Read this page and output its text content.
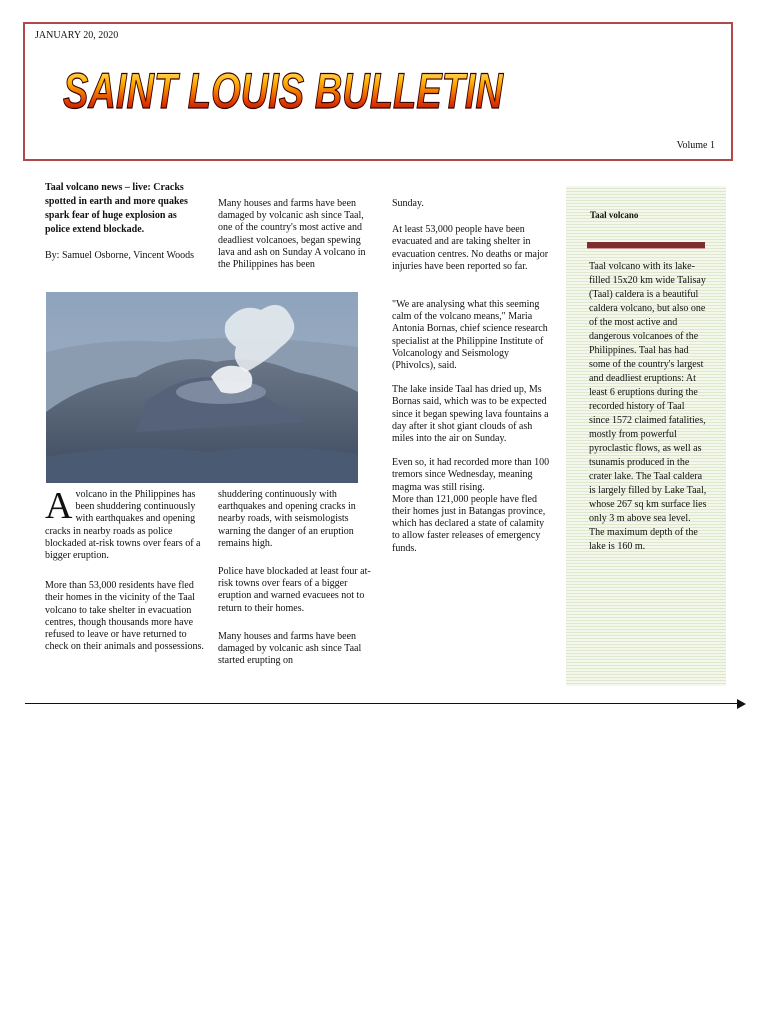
JANUARY 20, 2020
SAINT LOUIS BULLETIN
Volume 1

Taal volcano news – live: Cracks spotted in earth and more quakes spark fear of huge explosion as police extend blockade.

By: Samuel Osborne, Vincent Woods

Avolcano in the Philippines has been shuddering continuously with earthquakes and opening cracks in nearby roads as police blockaded at-risk towns over fears of a bigger eruption.

More than 53,000 residents have fled their homes in the vicinity of the Taal volcano to take shelter in evacuation centres, though thousands more have refused to leave or have returned to check on their animals and possessions.

Many houses and farms have been damaged by volcanic ash since Taal, one of the country's most active and deadliest volcanoes, began spewing lava and ash on Sunday A volcano in the Philippines has been

shuddering continuously with earthquakes and opening cracks in nearby roads, with seismologists warning the danger of an eruption remains high.

Police have blockaded at least four at-risk towns over fears of a bigger eruption and warned evacuees not to return to their homes.

Many houses and farms have been damaged by volcanic ash since Taal started erupting on

Sunday.

At least 53,000 people have been evacuated and are taking shelter in evacuation centres. No deaths or major injuries have been reported so far.

"We are analysing what this seeming calm of the volcano means," Maria Antonia Bornas, chief science research specialist at the Philippine Institute of Volcanology and Seismology (Phivolcs), said.

The lake inside Taal has dried up, Ms Bornas said, which was to be expected since it began spewing lava fountains a day after it shot giant clouds of ash miles into the air on Sunday.

Even so, it had recorded more than 100 tremors since Wednesday, meaning magma was still rising.

More than 121,000 people have fled their homes just in Batangas province, which has declared a state of calamity to allow faster releases of emergency funds.

Taal volcano
Taal volcano with its lake-filled 15x20 km wide Talisay (Taal) caldera is a beautiful caldera volcano, but also one of the most active and dangerous volcanoes of the Philippines. Taal has had some of the country's largest and deadliest eruptions: At least 6 eruptions during the recorded history of Taal since 1572 claimed fatalities, mostly from powerful pyroclastic flows, as well as tsunamis produced in the crater lake. The Taal caldera is largely filled by Lake Taal, whose 267 sq km surface lies only 3 m above sea level. The maximum depth of the lake is 160 m.
